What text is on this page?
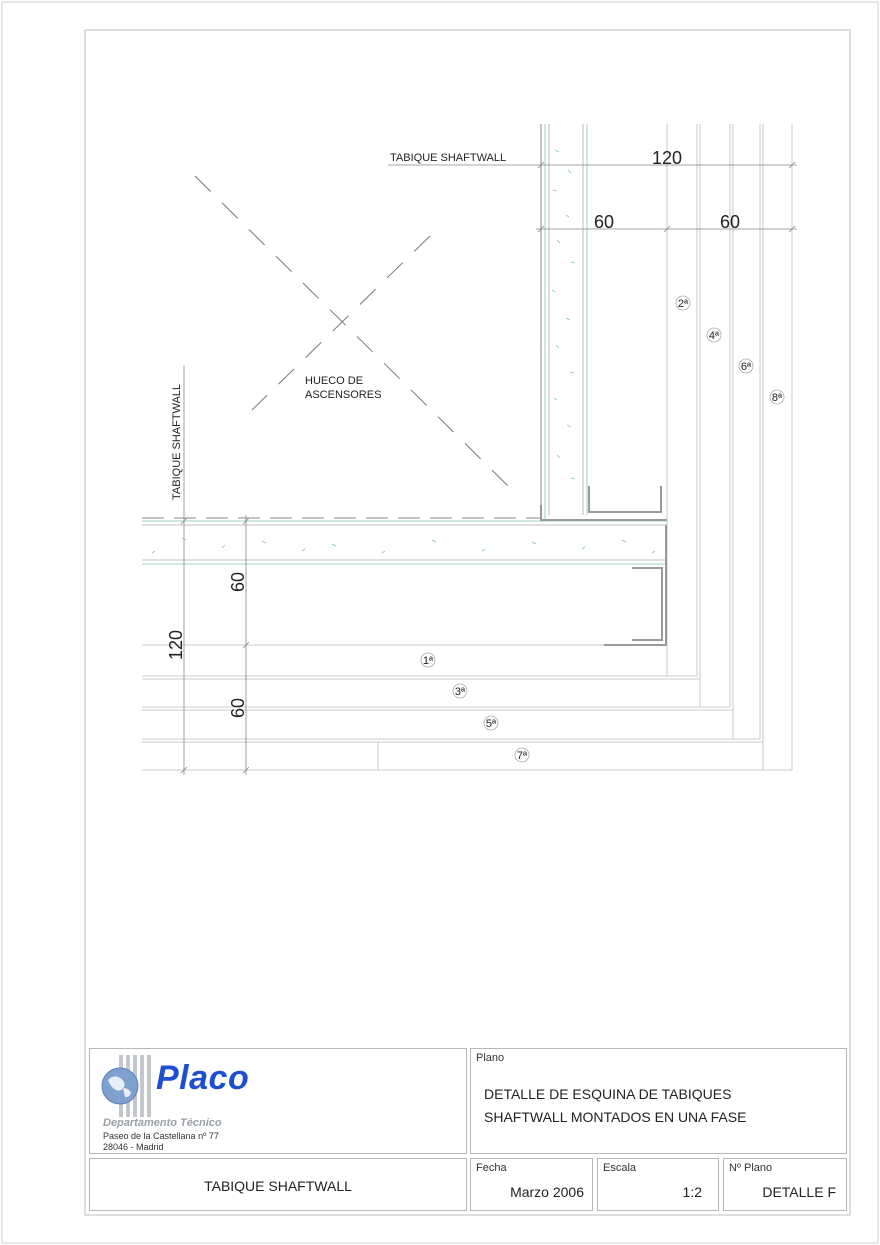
TABIQUE SHAFTWALL
TABIQUE SHAFTWALL
HUECO DE
ASCENSORES
120
60	60
120
60
60
2ª
4ª
6ª
8ª
1ª
3ª
5ª
7ª
Placo
Departamento Técnico
Paseo de la Castellana nº 77
28046 - Madrid
Plano
DETALLE DE ESQUINA DE TABIQUES
SHAFTWALL MONTADOS EN UNA FASE
TABIQUE SHAFTWALL
Fecha
Marzo 2006
Escala
1:2
Nº Plano
DETALLE F
